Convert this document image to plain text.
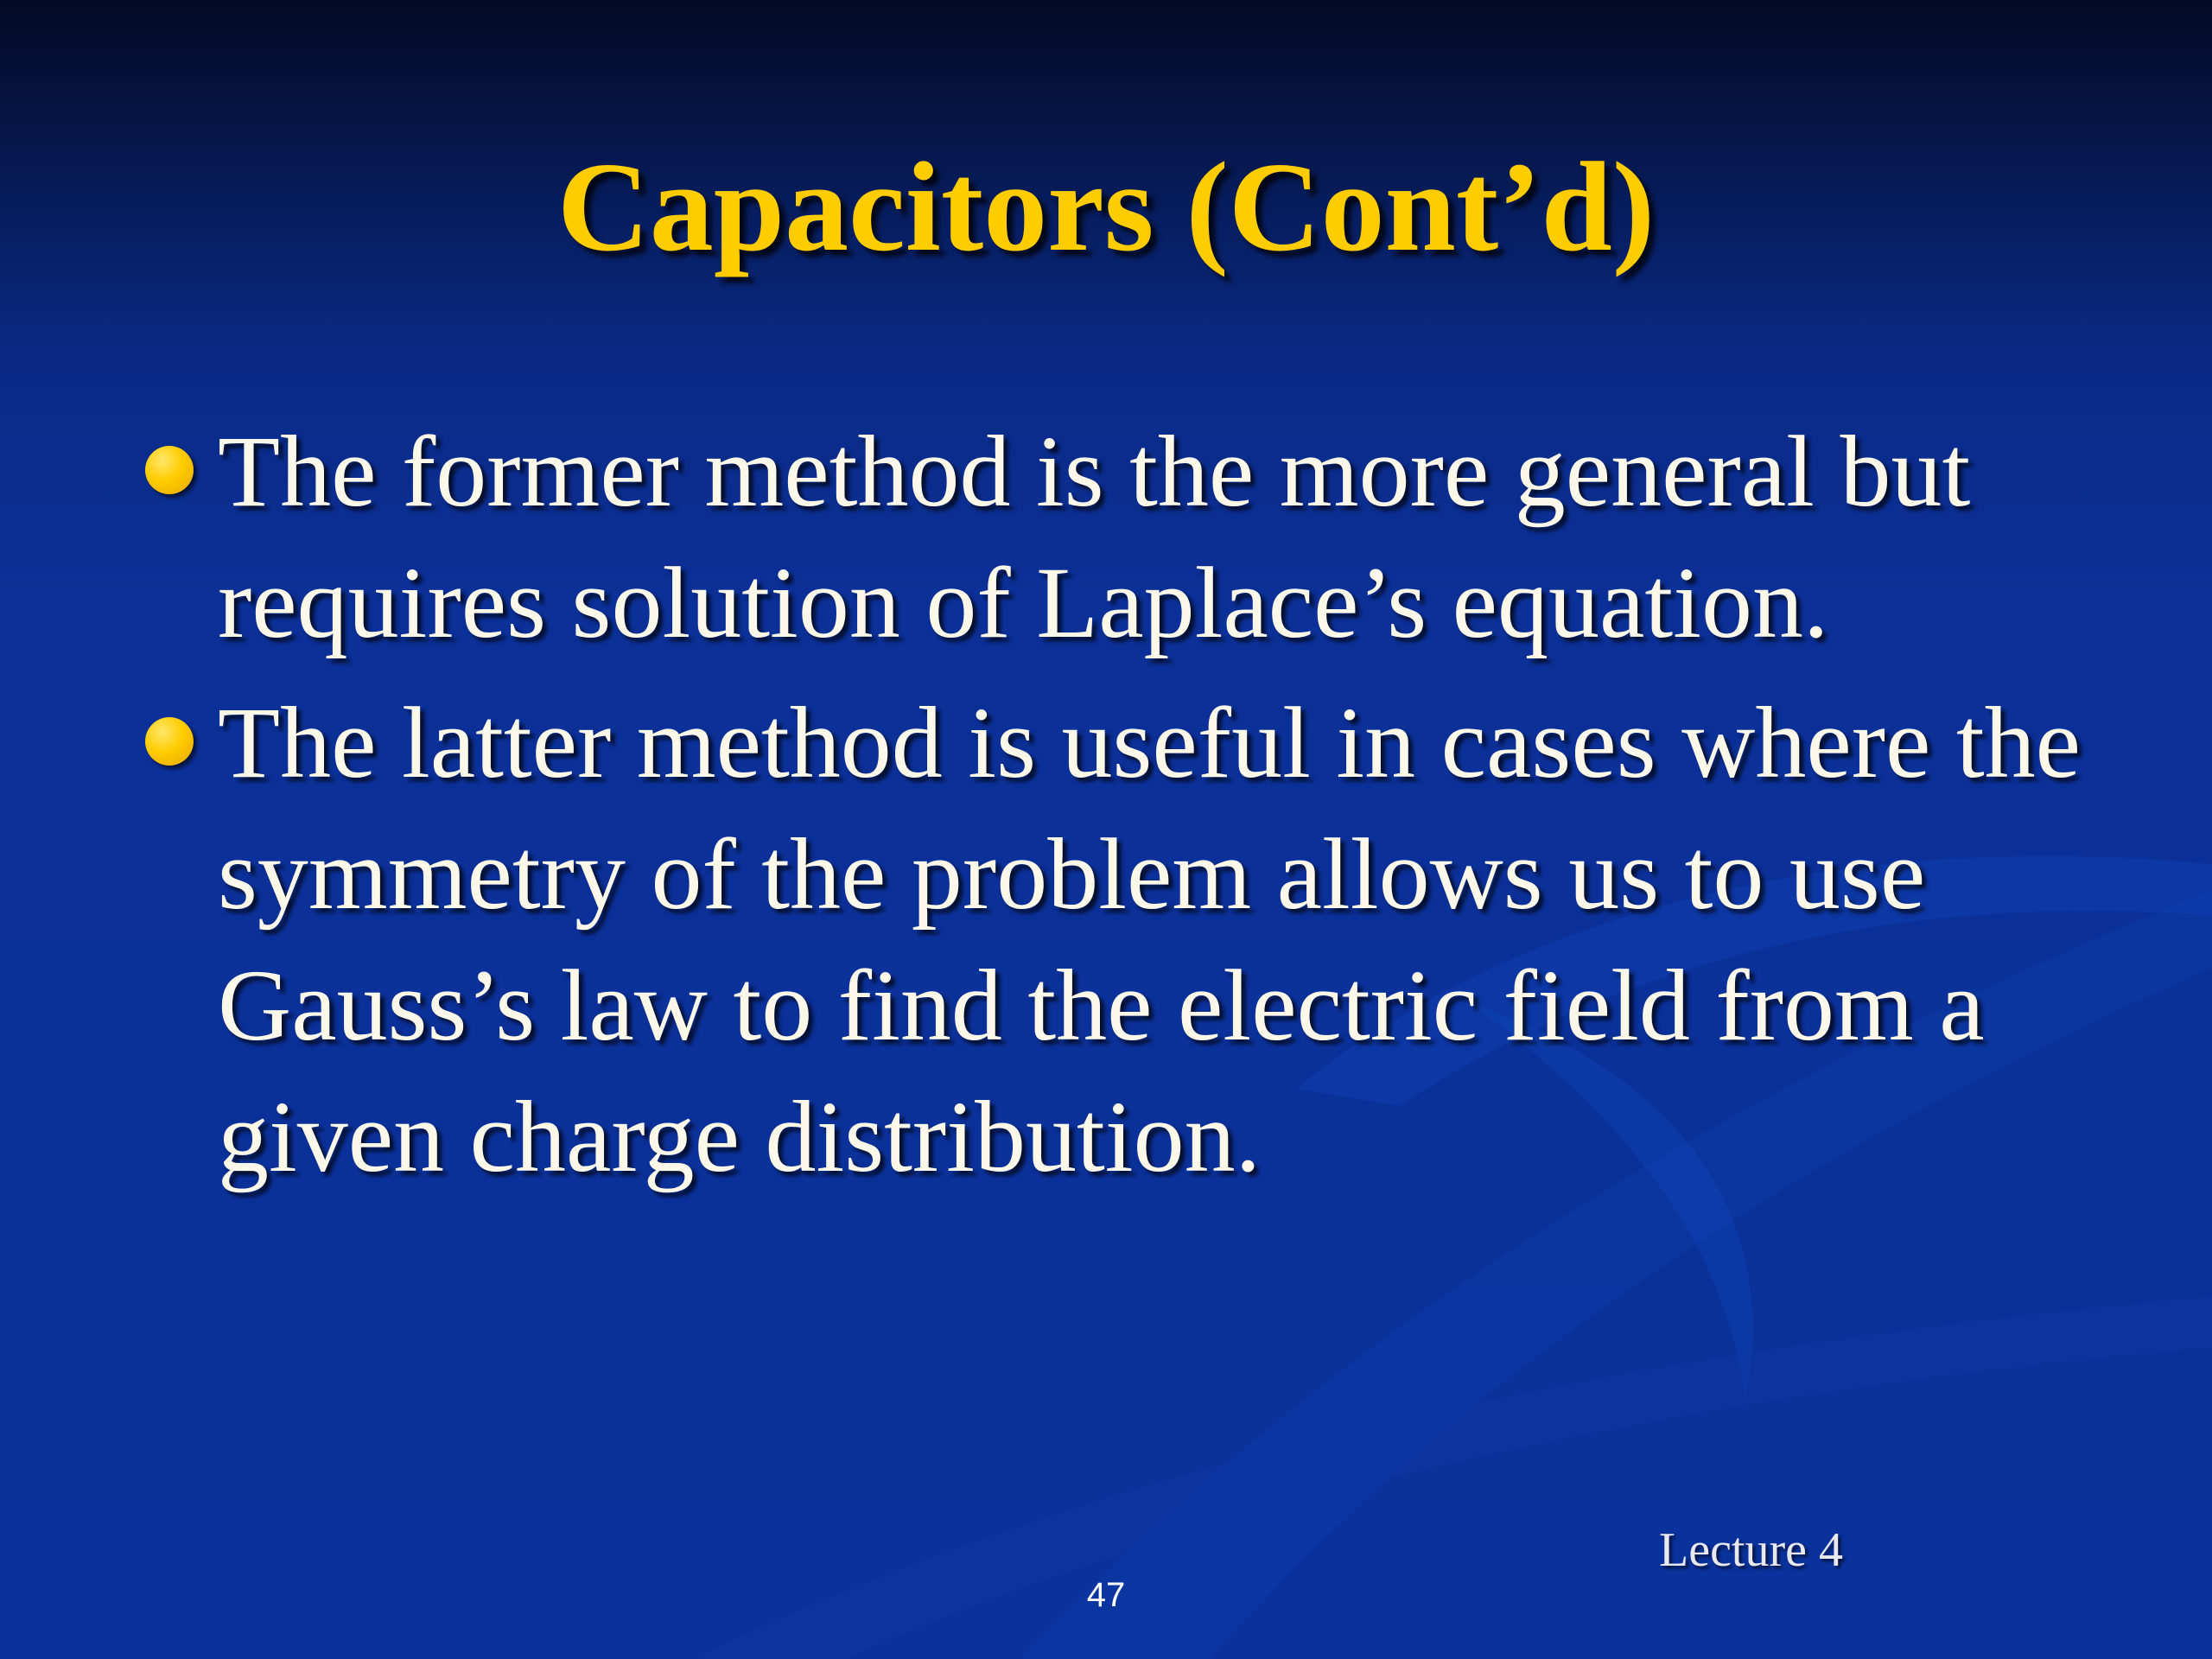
Capacitors (Cont’d)
The former method is the more general but requires solution of Laplace’s equation.
The latter method is useful in cases where the symmetry of the problem allows us to use Gauss’s law to find the electric field from a given charge distribution.
Lecture 4
47
